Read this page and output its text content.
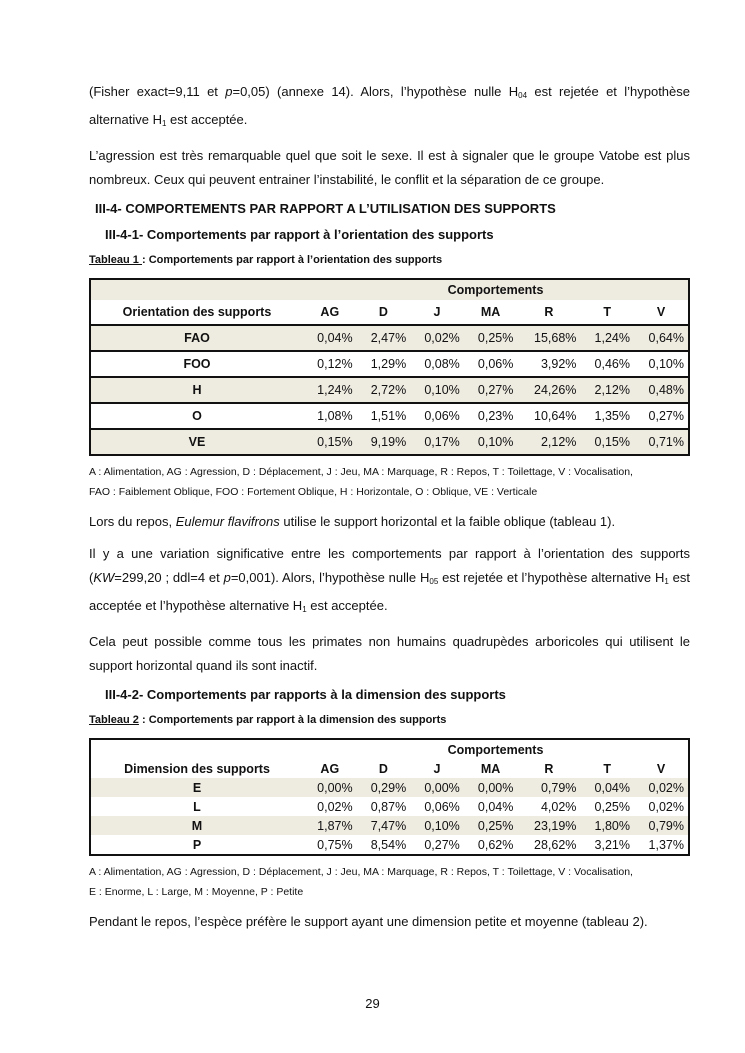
(Fisher exact=9,11 et p=0,05) (annexe 14). Alors, l’hypothèse nulle $H_{04}$ est rejetée et l’hypothèse alternative $H_1$ est acceptée.

L’agression est très remarquable quel que soit le sexe. Il est à signaler que le groupe Vatobe est plus nombreux. Ceux qui peuvent entrainer l’instabilité, le conflit et la séparation de ce groupe.

III-4- COMPORTEMENTS PAR RAPPORT A L’UTILISATION DES SUPPORTS
III-4-1- Comportements par rapport à l’orientation des supports
Tableau 1 : Comportements par rapport à l’orientation des supports
	Comportements						
Orientation des supports	AG	D	J	MA	R	T	V
FAO	0,04%	2,47%	0,02%	0,25%	15,68%	1,24%	0,64%
FOO	0,12%	1,29%	0,08%	0,06%	3,92%	0,46%	0,10%
H	1,24%	2,72%	0,10%	0,27%	24,26%	2,12%	0,48%
O	1,08%	1,51%	0,06%	0,23%	10,64%	1,35%	0,27%
VE	0,15%	9,19%	0,17%	0,10%	2,12%	0,15%	0,71%
A : Alimentation, AG : Agression, D : Déplacement, J : Jeu, MA : Marquage, R : Repos, T : Toilettage, V : Vocalisation,
FAO : Faiblement Oblique, FOO : Fortement Oblique, H : Horizontale, O : Oblique, VE : Verticale

Lors du repos, Eulemur flavifrons utilise le support horizontal et la faible oblique (tableau 1).

Il y a une variation significative entre les comportements par rapport à l’orientation des supports (KW=299,20 ; ddl=4 et p=0,001). Alors, l’hypothèse nulle $H_{05}$ est rejetée et l’hypothèse alternative $H_1$ est acceptée et l’hypothèse alternative $H_1$ est acceptée.

Cela peut possible comme tous les primates non humains quadrupèdes arboricoles qui utilisent le support horizontal quand ils sont inactif.

III-4-2- Comportements par rapports à la dimension des supports
Tableau 2 : Comportements par rapport à la dimension des supports
	Comportements						
Dimension des supports	AG	D	J	MA	R	T	V
E	0,00%	0,29%	0,00%	0,00%	0,79%	0,04%	0,02%
L	0,02%	0,87%	0,06%	0,04%	4,02%	0,25%	0,02%
M	1,87%	7,47%	0,10%	0,25%	23,19%	1,80%	0,79%
P	0,75%	8,54%	0,27%	0,62%	28,62%	3,21%	1,37%
A : Alimentation, AG : Agression, D : Déplacement, J : Jeu, MA : Marquage, R : Repos, T : Toilettage, V : Vocalisation,
E : Enorme, L : Large, M : Moyenne, P : Petite

Pendant le repos, l’espèce préfère le support ayant une dimension petite et moyenne (tableau 2).

29
